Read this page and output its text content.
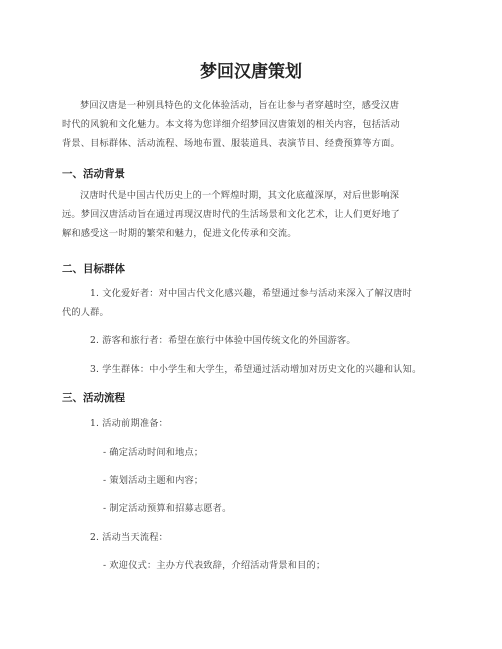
梦回汉唐策划
梦回汉唐是一种别具特色的文化体验活动，旨在让参与者穿越时空，感受汉唐
时代的风貌和文化魅力。本文将为您详细介绍梦回汉唐策划的相关内容，包括活动
背景、目标群体、活动流程、场地布置、服装道具、表演节目、经费预算等方面。
一、活动背景
汉唐时代是中国古代历史上的一个辉煌时期，其文化底蕴深厚，对后世影响深
远。梦回汉唐活动旨在通过再现汉唐时代的生活场景和文化艺术，让人们更好地了
解和感受这一时期的繁荣和魅力，促进文化传承和交流。
二、目标群体
1. 文化爱好者：对中国古代文化感兴趣，希望通过参与活动来深入了解汉唐时
代的人群。
2. 游客和旅行者：希望在旅行中体验中国传统文化的外国游客。
3. 学生群体：中小学生和大学生，希望通过活动增加对历史文化的兴趣和认知。
三、活动流程
1. 活动前期准备：
- 确定活动时间和地点；
- 策划活动主题和内容；
- 制定活动预算和招募志愿者。
2. 活动当天流程：
- 欢迎仪式：主办方代表致辞，介绍活动背景和目的；
